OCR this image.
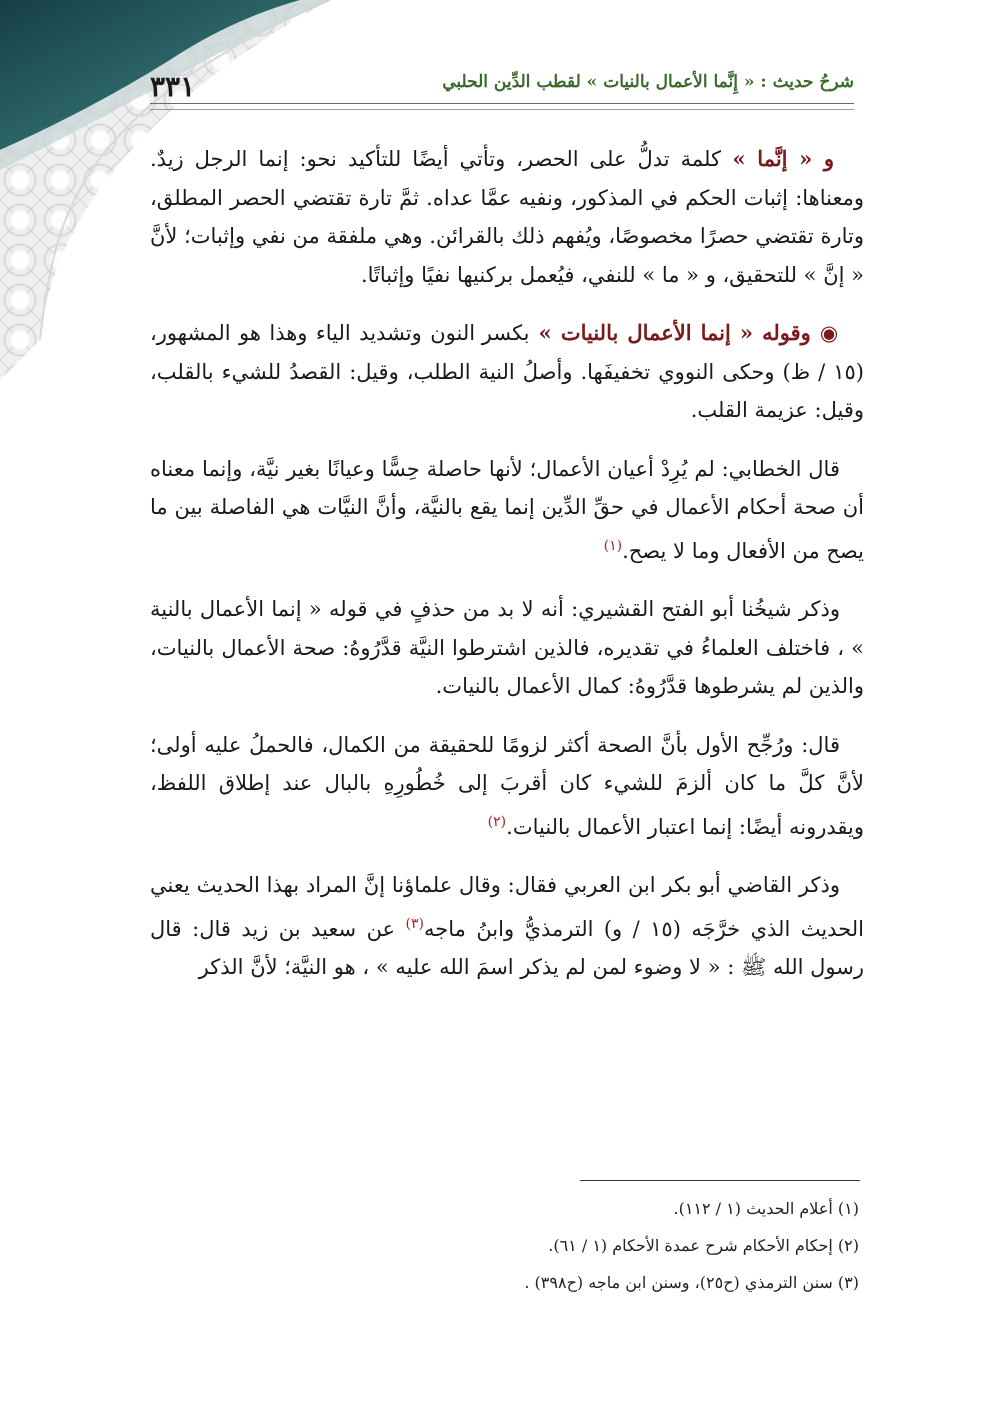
٣٣١	شرحُ حديث : « إِنَّما الأعمال بالنيات » لقطب الدِّين الحلبي

و « إنَّما » كلمة تدلُّ على الحصر، وتأتي أيضًا للتأكيد نحو: إنما الرجل زيدٌ. ومعناها: إثبات الحكم في المذكور، ونفيه عمَّا عداه. ثمَّ تارة تقتضي الحصر المطلق، وتارة تقتضي حصرًا مخصوصًا، ويُفهم ذلك بالقرائن. وهي ملفقة من نفي وإثبات؛ لأنَّ « إنَّ » للتحقيق، و « ما » للنفي، فيُعمل بركنيها نفيًا وإثباتًا.

◉ وقوله « إنما الأعمال بالنيات » بكسر النون وتشديد الياء وهذا هو المشهور، (١٥ / ظ) وحكى النووي تخفيفَها. وأصلُ النية الطلب، وقيل: القصدُ للشيء بالقلب، وقيل: عزيمة القلب.

قال الخطابي: لم يُرِدْ أعيان الأعمال؛ لأنها حاصلة حِسًّا وعيانًا بغير نيَّة، وإنما معناه أن صحة أحكام الأعمال في حقِّ الدِّين إنما يقع بالنيَّة، وأنَّ النيَّات هي الفاصلة بين ما يصح من الأفعال وما لا يصح.$^{(١)}$

وذكر شيخُنا أبو الفتح القشيري: أنه لا بد من حذفٍ في قوله « إنما الأعمال بالنية » ، فاختلف العلماءُ في تقديره، فالذين اشترطوا النيَّة قدَّرُوهُ: صحة الأعمال بالنيات، والذين لم يشرطوها قدَّرُوهُ: كمال الأعمال بالنيات.

قال: ورُجِّح الأول بأنَّ الصحة أكثر لزومًا للحقيقة من الكمال، فالحملُ عليه أولى؛ لأنَّ كلَّ ما كان ألزمَ للشيء كان أقربَ إلى خُطُورِهِ بالبال عند إطلاق اللفظ، ويقدرونه أيضًا: إنما اعتبار الأعمال بالنيات.$^{(٢)}$

وذكر القاضي أبو بكر ابن العربي فقال: وقال علماؤنا إنَّ المراد بهذا الحديث يعني الحديث الذي خرَّجَه (١٥ / و) الترمذيُّ وابنُ ماجه$^{(٣)}$ عن سعيد بن زيد قال: قال رسول الله ﷺ : « لا وضوء لمن لم يذكر اسمَ الله عليه » ، هو النيَّة؛ لأنَّ الذكر

(١) أعلام الحديث (١ / ١١٢).
(٢) إحكام الأحكام شرح عمدة الأحكام (١ / ٦١).
(٣) سنن الترمذي (ح٢٥)، وسنن ابن ماجه (ح٣٩٨) .
